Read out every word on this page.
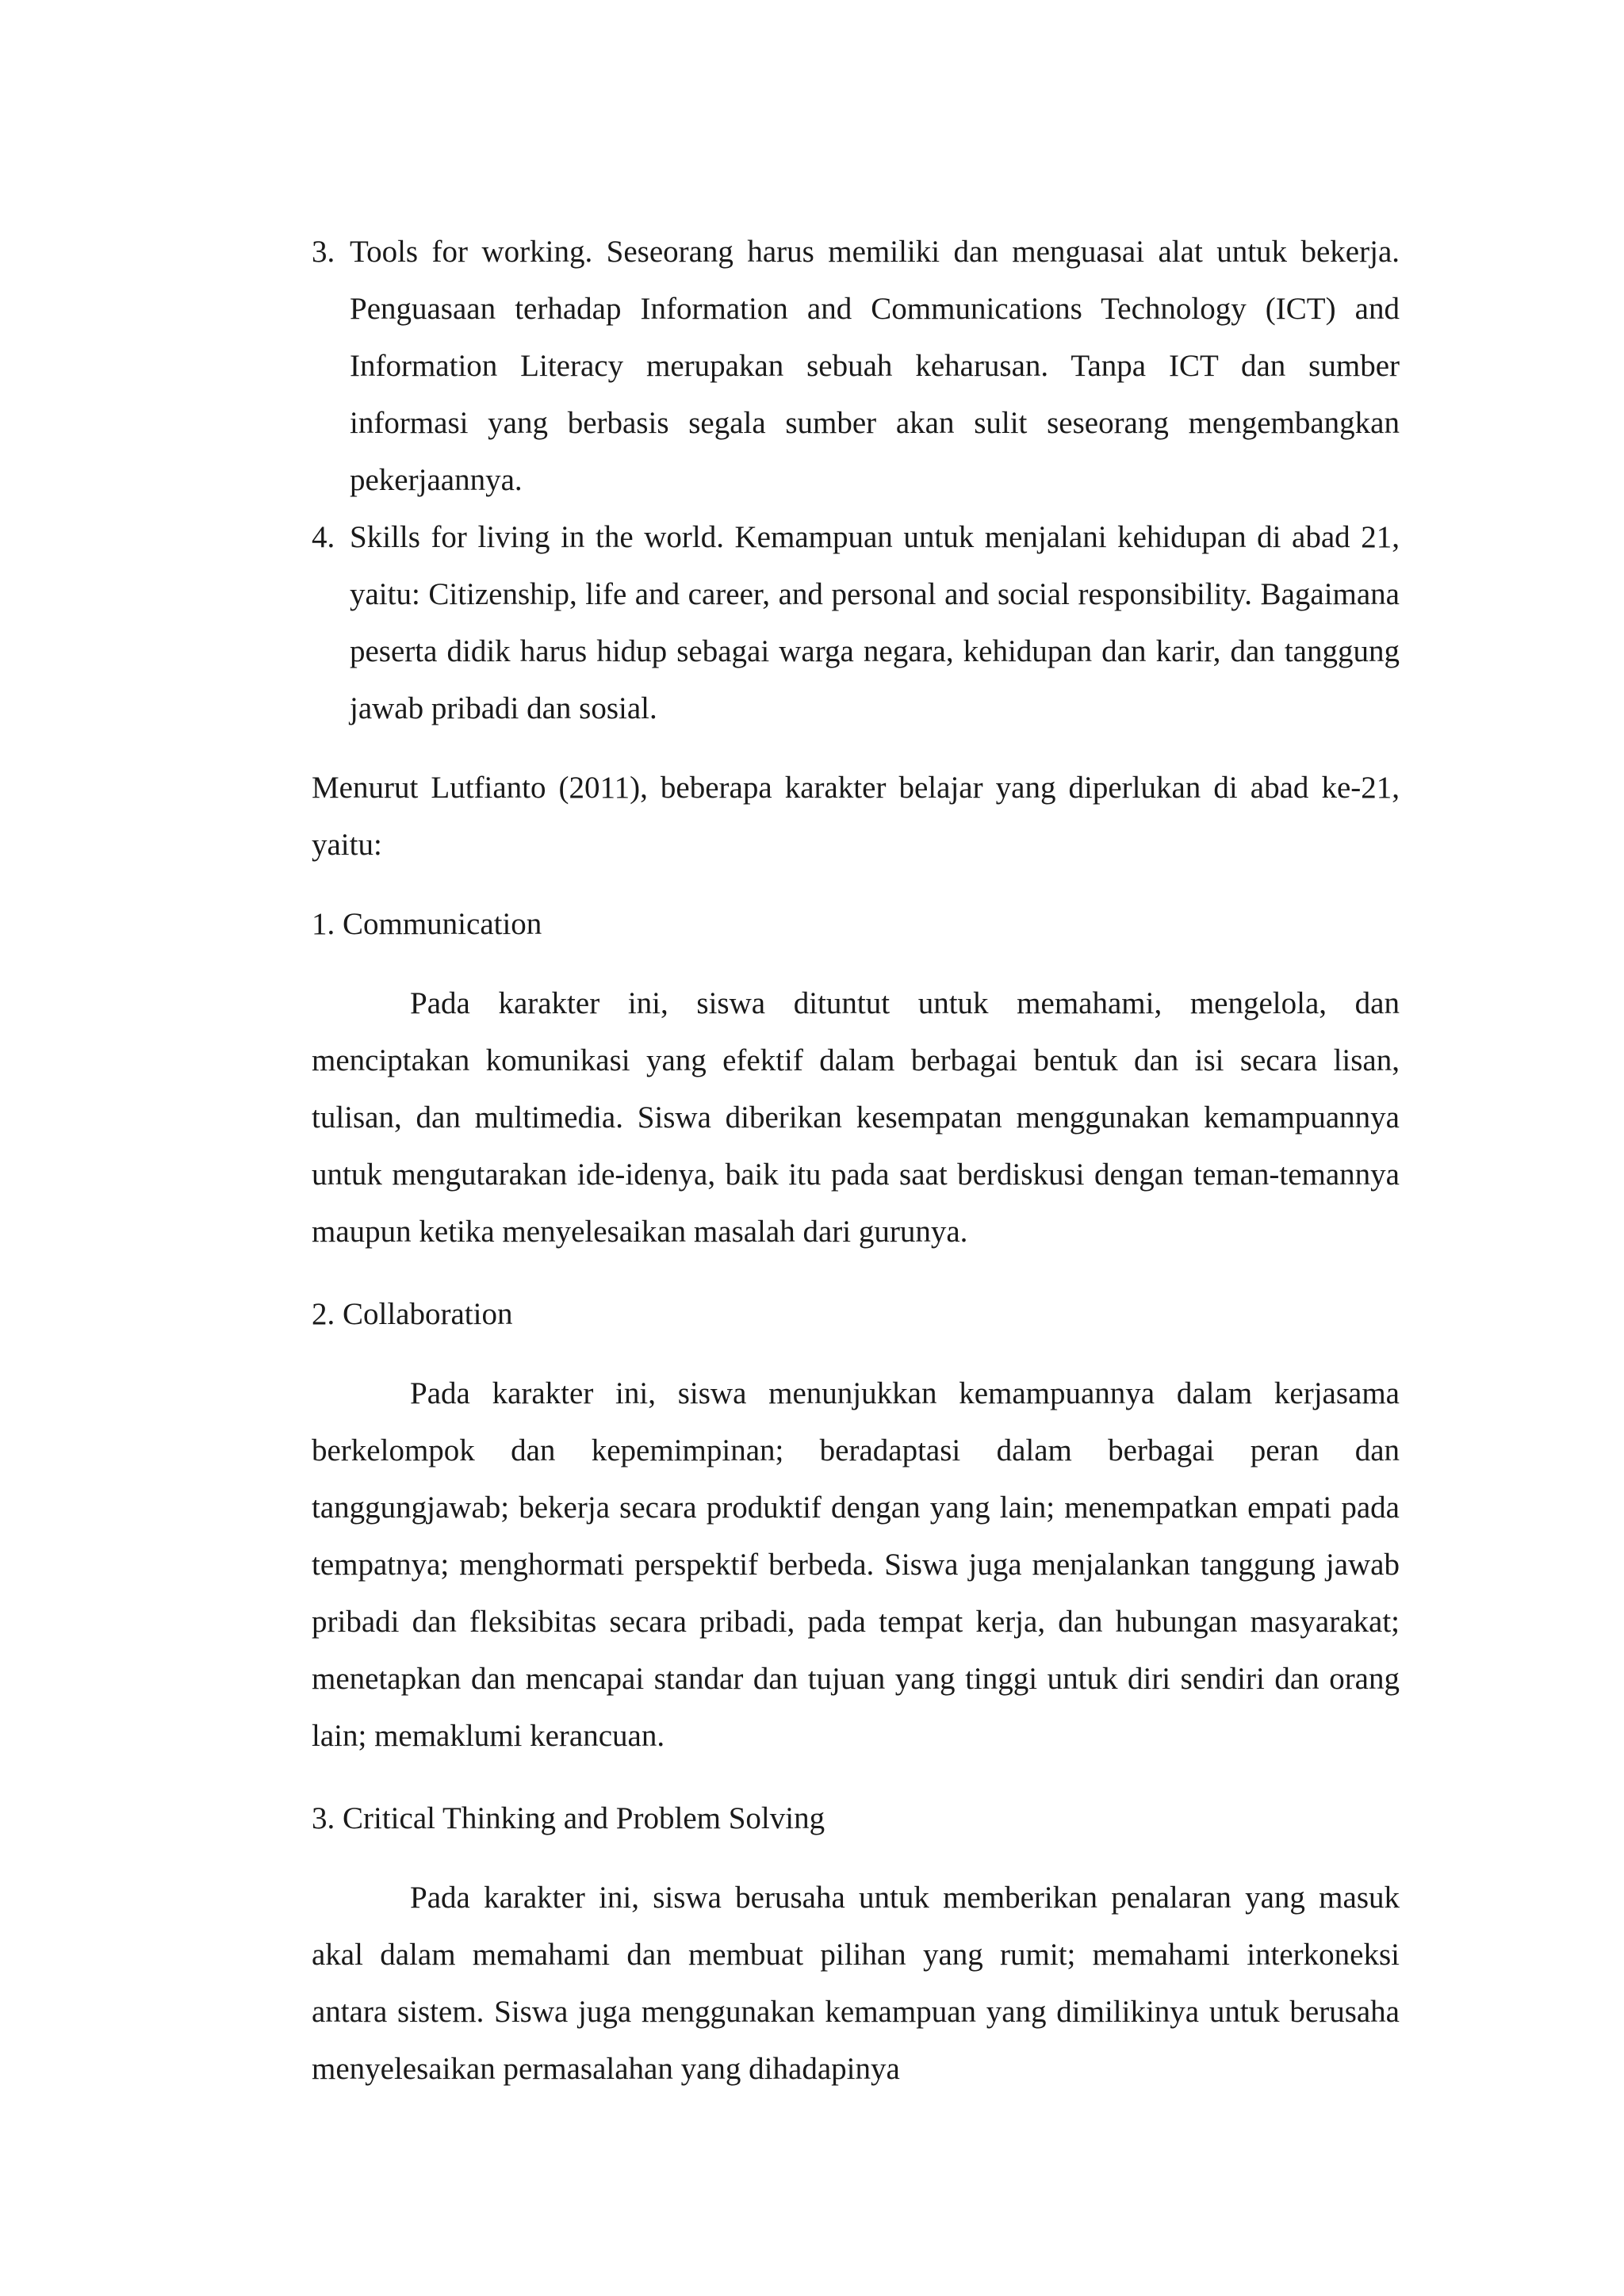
3. Tools for working. Seseorang harus memiliki dan menguasai alat untuk bekerja. Penguasaan terhadap Information and Communications Technology (ICT) and Information Literacy merupakan sebuah keharusan. Tanpa ICT dan sumber informasi yang berbasis segala sumber akan sulit seseorang mengembangkan pekerjaannya.
4. Skills for living in the world. Kemampuan untuk menjalani kehidupan di abad 21, yaitu: Citizenship, life and career, and personal and social responsibility. Bagaimana peserta didik harus hidup sebagai warga negara, kehidupan dan karir, dan tanggung jawab pribadi dan sosial.
Menurut Lutfianto (2011), beberapa karakter belajar yang diperlukan di abad ke-21, yaitu:
1. Communication
Pada karakter ini, siswa dituntut untuk memahami, mengelola, dan menciptakan komunikasi yang efektif dalam berbagai bentuk dan isi secara lisan, tulisan, dan multimedia. Siswa diberikan kesempatan menggunakan kemampuannya untuk mengutarakan ide-idenya, baik itu pada saat berdiskusi dengan teman-temannya maupun ketika menyelesaikan masalah dari gurunya.
2. Collaboration
Pada karakter ini, siswa menunjukkan kemampuannya dalam kerjasama berkelompok dan kepemimpinan; beradaptasi dalam berbagai peran dan tanggungjawab; bekerja secara produktif dengan yang lain; menempatkan empati pada tempatnya; menghormati perspektif berbeda. Siswa juga menjalankan tanggung jawab pribadi dan fleksibitas secara pribadi, pada tempat kerja, dan hubungan masyarakat; menetapkan dan mencapai standar dan tujuan yang tinggi untuk diri sendiri dan orang lain; memaklumi kerancuan.
3. Critical Thinking and Problem Solving
Pada karakter ini, siswa berusaha untuk memberikan penalaran yang masuk akal dalam memahami dan membuat pilihan yang rumit; memahami interkoneksi antara sistem. Siswa juga menggunakan kemampuan yang dimilikinya untuk berusaha menyelesaikan permasalahan yang dihadapinya
